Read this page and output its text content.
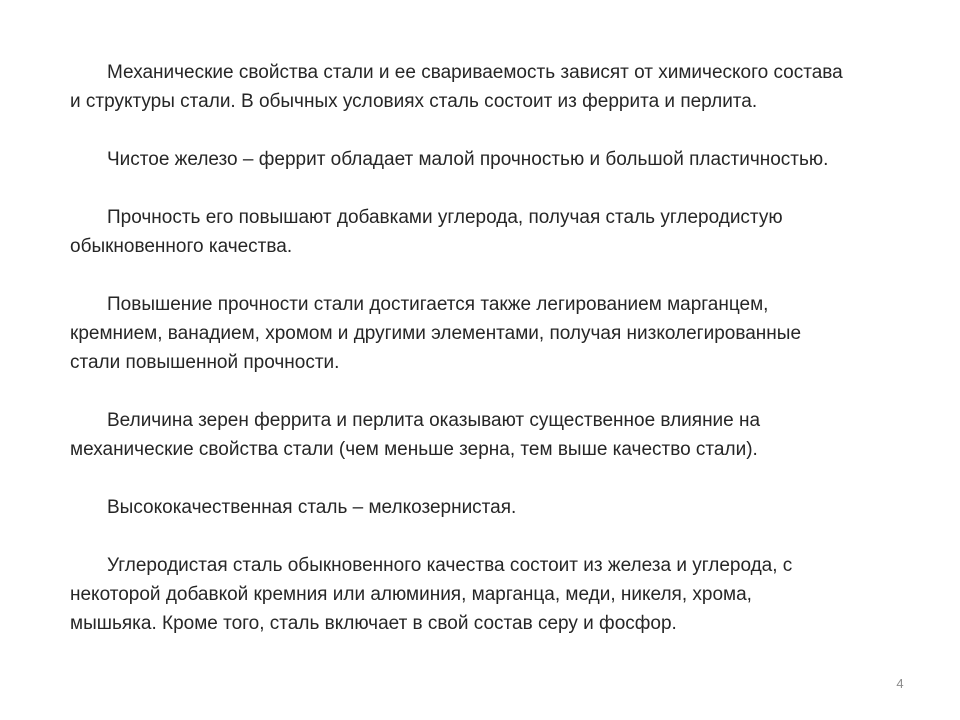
Механические свойства стали и ее свариваемость зависят от химического состава
и структуры стали. В обычных условиях сталь состоит из феррита и перлита.

Чистое железо – феррит обладает малой прочностью и большой пластичностью.

Прочность его повышают добавками углерода, получая сталь углеродистую
обыкновенного качества.

Повышение прочности стали достигается также легированием марганцем,
кремнием, ванадием, хромом и другими элементами, получая низколегированные
стали повышенной прочности.

Величина зерен феррита и перлита оказывают существенное влияние на
механические свойства стали (чем меньше зерна, тем выше качество стали).

Высококачественная сталь – мелкозернистая.

Углеродистая сталь обыкновенного качества состоит из железа и углерода, с
некоторой добавкой кремния или алюминия, марганца, меди, никеля, хрома,
мышьяка. Кроме того, сталь включает в свой состав серу и фосфор.

4
